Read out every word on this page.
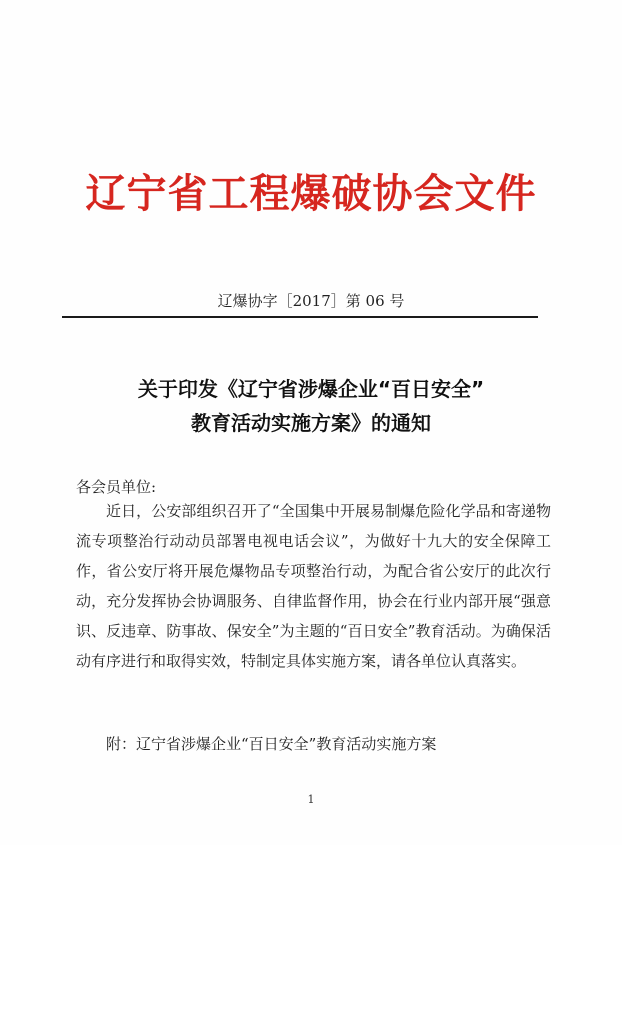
辽宁省工程爆破协会文件
辽爆协字［2017］第 06 号
关于印发《辽宁省涉爆企业“百日安全”
教育活动实施方案》的通知
各会员单位:

近日，公安部组织召开了“全国集中开展易制爆危险化学品和寄递物流专项整治行动动员部署电视电话会议”，为做好十九大的安全保障工作，省公安厅将开展危爆物品专项整治行动，为配合省公安厅的此次行动，充分发挥协会协调服务、自律监督作用，协会在行业内部开展“强意识、反违章、防事故、保安全”为主题的“百日安全”教育活动。为确保活动有序进行和取得实效，特制定具体实施方案，请各单位认真落实。

附：辽宁省涉爆企业“百日安全”教育活动实施方案
1
